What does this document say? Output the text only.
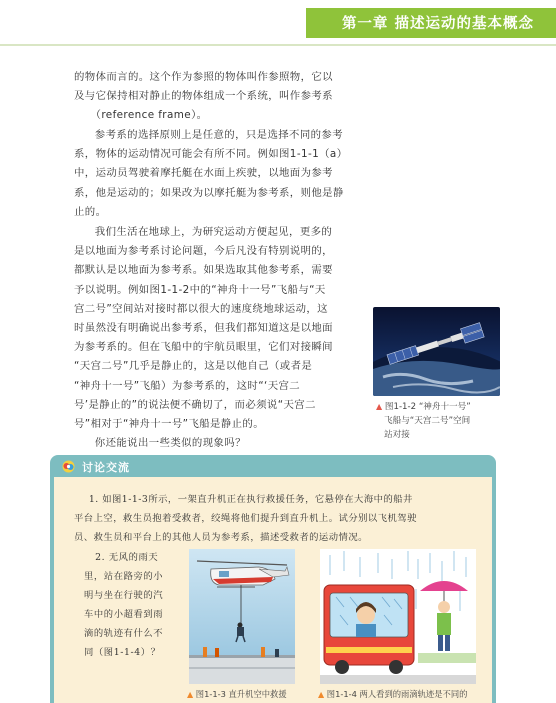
第一章 描述运动的基本概念
的物体而言的。这个作为参照的物体叫作参照物，它以
及与它保持相对静止的物体组成一个系统，叫作参考系
（reference frame）。
参考系的选择原则上是任意的，只是选择不同的参考
系，物体的运动情况可能会有所不同。例如图1-1-1（a）
中，运动员驾驶着摩托艇在水面上疾驶，以地面为参考
系，他是运动的；如果改为以摩托艇为参考系，则他是静
止的。
我们生活在地球上，为研究运动方便起见，更多的
是以地面为参考系讨论问题，今后凡没有特别说明的，
都默认是以地面为参考系。如果选取其他参考系，需要
予以说明。例如图1-1-2中的“神舟十一号”飞船与“天
宫二号”空间站对接时都以很大的速度绕地球运动，这
时虽然没有明确说出参考系，但我们都知道这是以地面
为参考系的。但在飞船中的宇航员眼里，它们对接瞬间
“天宫二号”几乎是静止的，这是以他自己（或者是
“神舟十一号”飞船）为参考系的，这时“‘天宫二
号’是静止的”的说法便不确切了，而必须说“天宫二
号”相对于“神舟十一号”飞船是静止的。
你还能说出一些类似的现象吗？
▲ 图1-1-2 “神舟十一号”
飞船与“天宫二号”空间
站对接
讨论交流
1. 如图1-1-3所示，一架直升机正在执行救援任务，它悬停在大海中的船井
平台上空，救生员抱着受救者，绞绳将他们提升到直升机上。试分别以飞机驾驶
员、救生员和平台上的其他人员为参考系，描述受救者的运动情况。
2. 无风的雨天
里，站在路旁的小
明与坐在行驶的汽
车中的小超看到雨
滴的轨迹有什么不
同（图1-1-4）？
▲ 图1-1-3 直升机空中救援	▲ 图1-1-4 两人看到的雨滴轨迹是不同的
